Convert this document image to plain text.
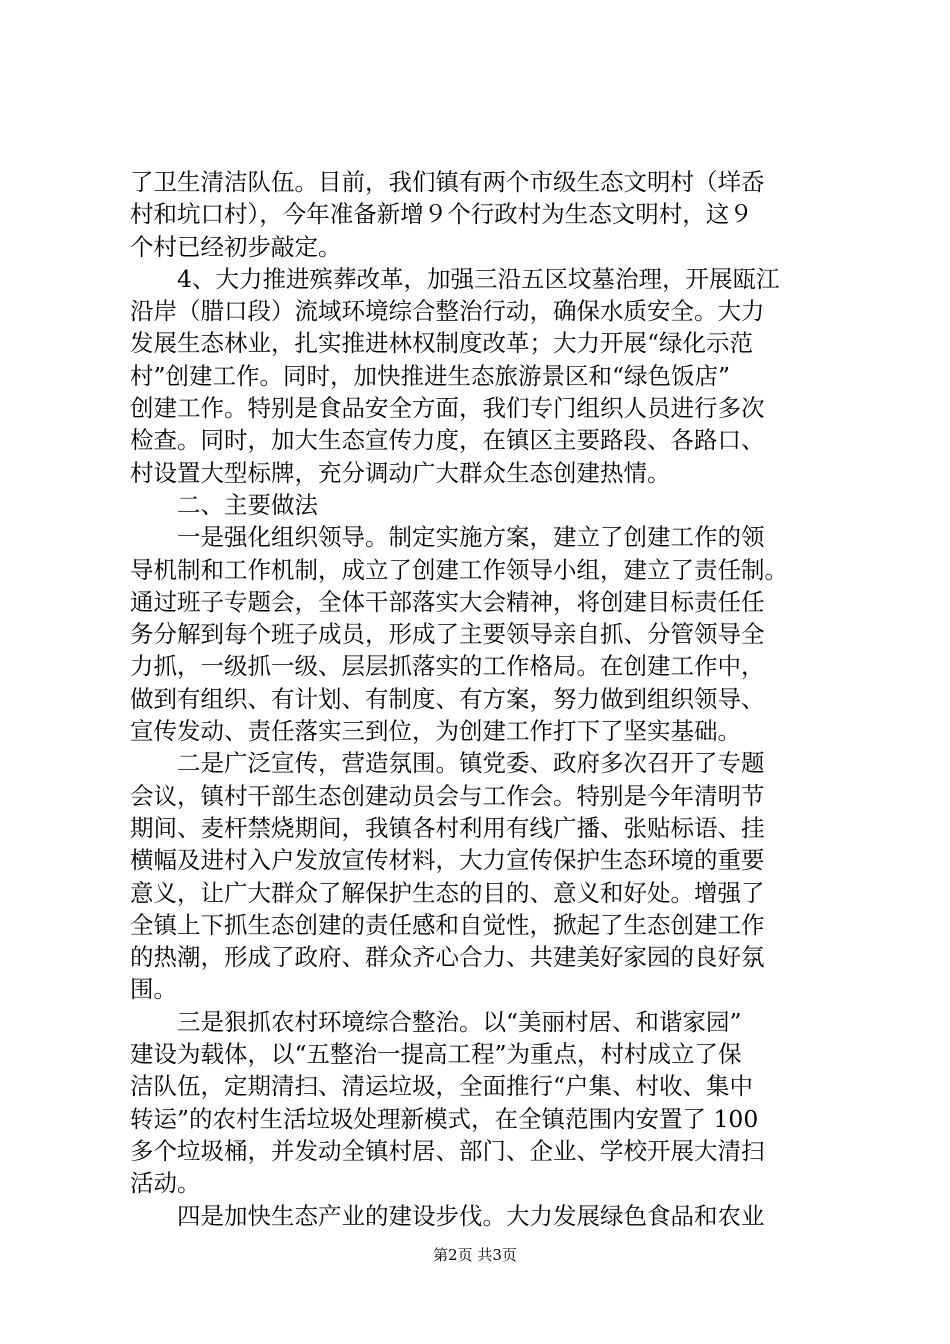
了卫生清洁队伍。目前，我们镇有两个市级生态文明村（垟岙
村和坑口村），今年准备新增９个行政村为生态文明村，这９
个村已经初步敲定。
4、大力推进殡葬改革，加强三沿五区坟墓治理，开展瓯江
沿岸（腊口段）流域环境综合整治行动，确保水质安全。大力
发展生态林业，扎实推进林权制度改革；大力开展“绿化示范
村”创建工作。同时，加快推进生态旅游景区和“绿色饭店”
创建工作。特别是食品安全方面，我们专门组织人员进行多次
检查。同时，加大生态宣传力度，在镇区主要路段、各路口、
村设置大型标牌，充分调动广大群众生态创建热情。
二、主要做法
一是强化组织领导。制定实施方案，建立了创建工作的领
导机制和工作机制，成立了创建工作领导小组，建立了责任制。
通过班子专题会，全体干部落实大会精神，将创建目标责任任
务分解到每个班子成员，形成了主要领导亲自抓、分管领导全
力抓，一级抓一级、层层抓落实的工作格局。在创建工作中，
做到有组织、有计划、有制度、有方案，努力做到组织领导、
宣传发动、责任落实三到位，为创建工作打下了坚实基础。
二是广泛宣传，营造氛围。镇党委、政府多次召开了专题
会议，镇村干部生态创建动员会与工作会。特别是今年清明节
期间、麦杆禁烧期间，我镇各村利用有线广播、张贴标语、挂
横幅及进村入户发放宣传材料，大力宣传保护生态环境的重要
意义，让广大群众了解保护生态的目的、意义和好处。增强了
全镇上下抓生态创建的责任感和自觉性，掀起了生态创建工作
的热潮，形成了政府、群众齐心合力、共建美好家园的良好氛
围。
三是狠抓农村环境综合整治。以“美丽村居、和谐家园”
建设为载体，以“五整治一提高工程”为重点，村村成立了保
洁队伍，定期清扫、清运垃圾，全面推行“户集、村收、集中
转运”的农村生活垃圾处理新模式，在全镇范围内安置了 100
多个垃圾桶，并发动全镇村居、部门、企业、学校开展大清扫
活动。
四是加快生态产业的建设步伐。大力发展绿色食品和农业
第2页 共3页
